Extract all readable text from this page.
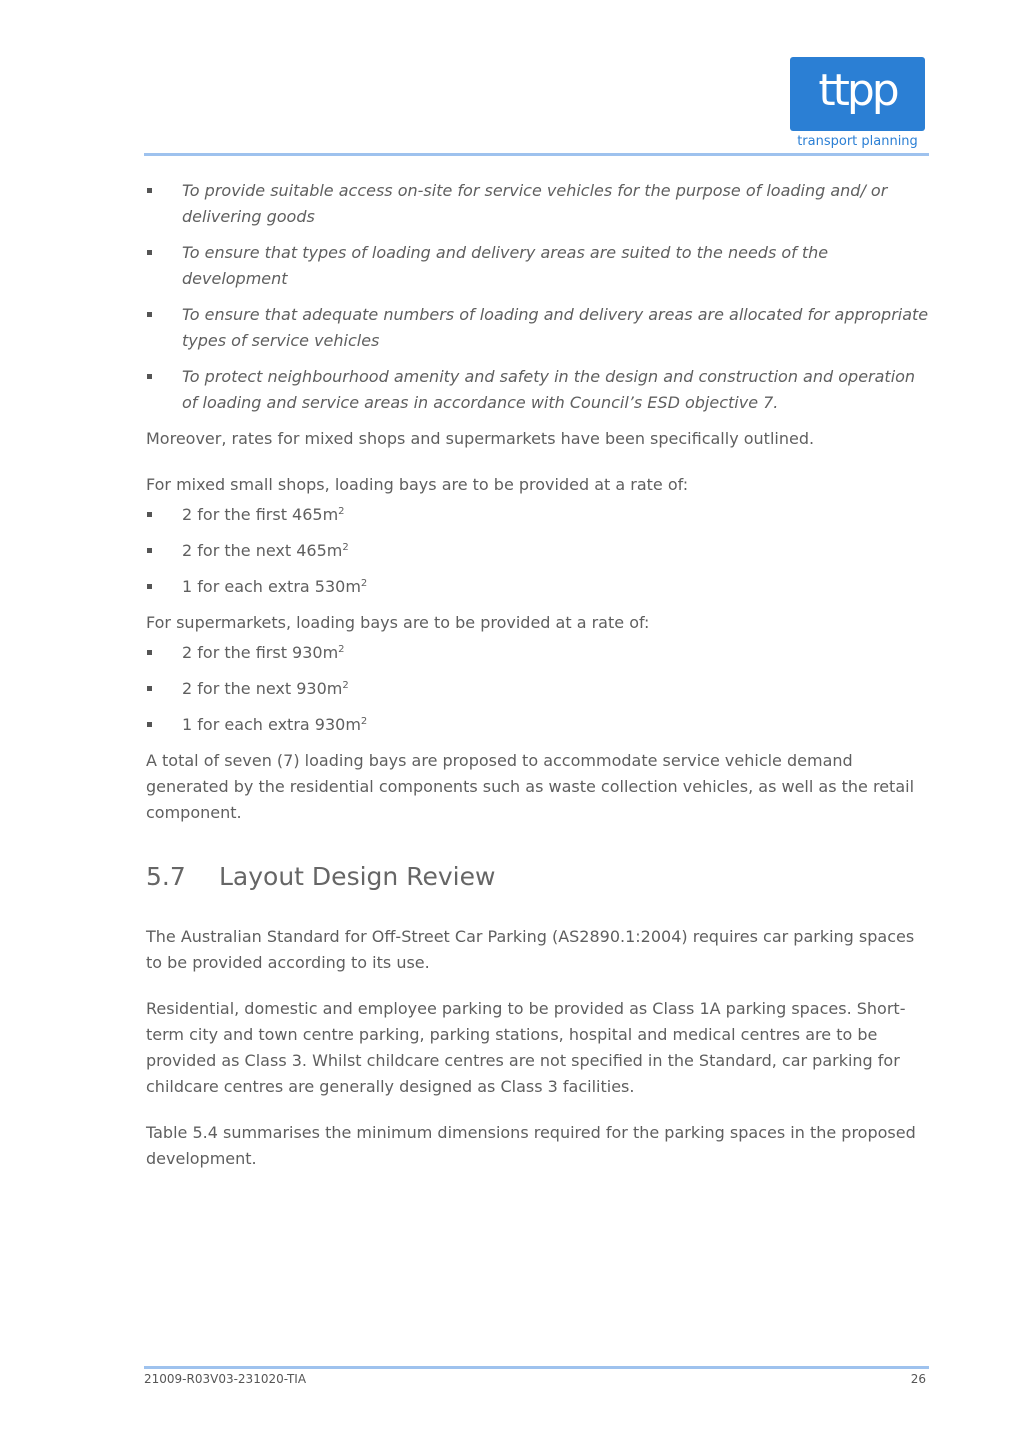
ttpp
transport planning
To provide suitable access on-site for service vehicles for the purpose of loading and/ or delivering goods
To ensure that types of loading and delivery areas are suited to the needs of the development
To ensure that adequate numbers of loading and delivery areas are allocated for appropriate types of service vehicles
To protect neighbourhood amenity and safety in the design and construction and operation of loading and service areas in accordance with Council’s ESD objective 7.

Moreover, rates for mixed shops and supermarkets have been specifically outlined.

For mixed small shops, loading bays are to be provided at a rate of:

2 for the first $465m^2$
2 for the next $465m^2$
1 for each extra $530m^2$

For supermarkets, loading bays are to be provided at a rate of:

2 for the first $930m^2$
2 for the next $930m^2$
1 for each extra $930m^2$

A total of seven (7) loading bays are proposed to accommodate service vehicle demand generated by the residential components such as waste collection vehicles, as well as the retail component.

5.7 Layout Design Review

The Australian Standard for Off-Street Car Parking (AS2890.1:2004) requires car parking spaces to be provided according to its use.

Residential, domestic and employee parking to be provided as Class 1A parking spaces. Short-term city and town centre parking, parking stations, hospital and medical centres are to be provided as Class 3. Whilst childcare centres are not specified in the Standard, car parking for childcare centres are generally designed as Class 3 facilities.

Table 5.4 summarises the minimum dimensions required for the parking spaces in the proposed development.

21009-R03V03-231020-TIA	26
